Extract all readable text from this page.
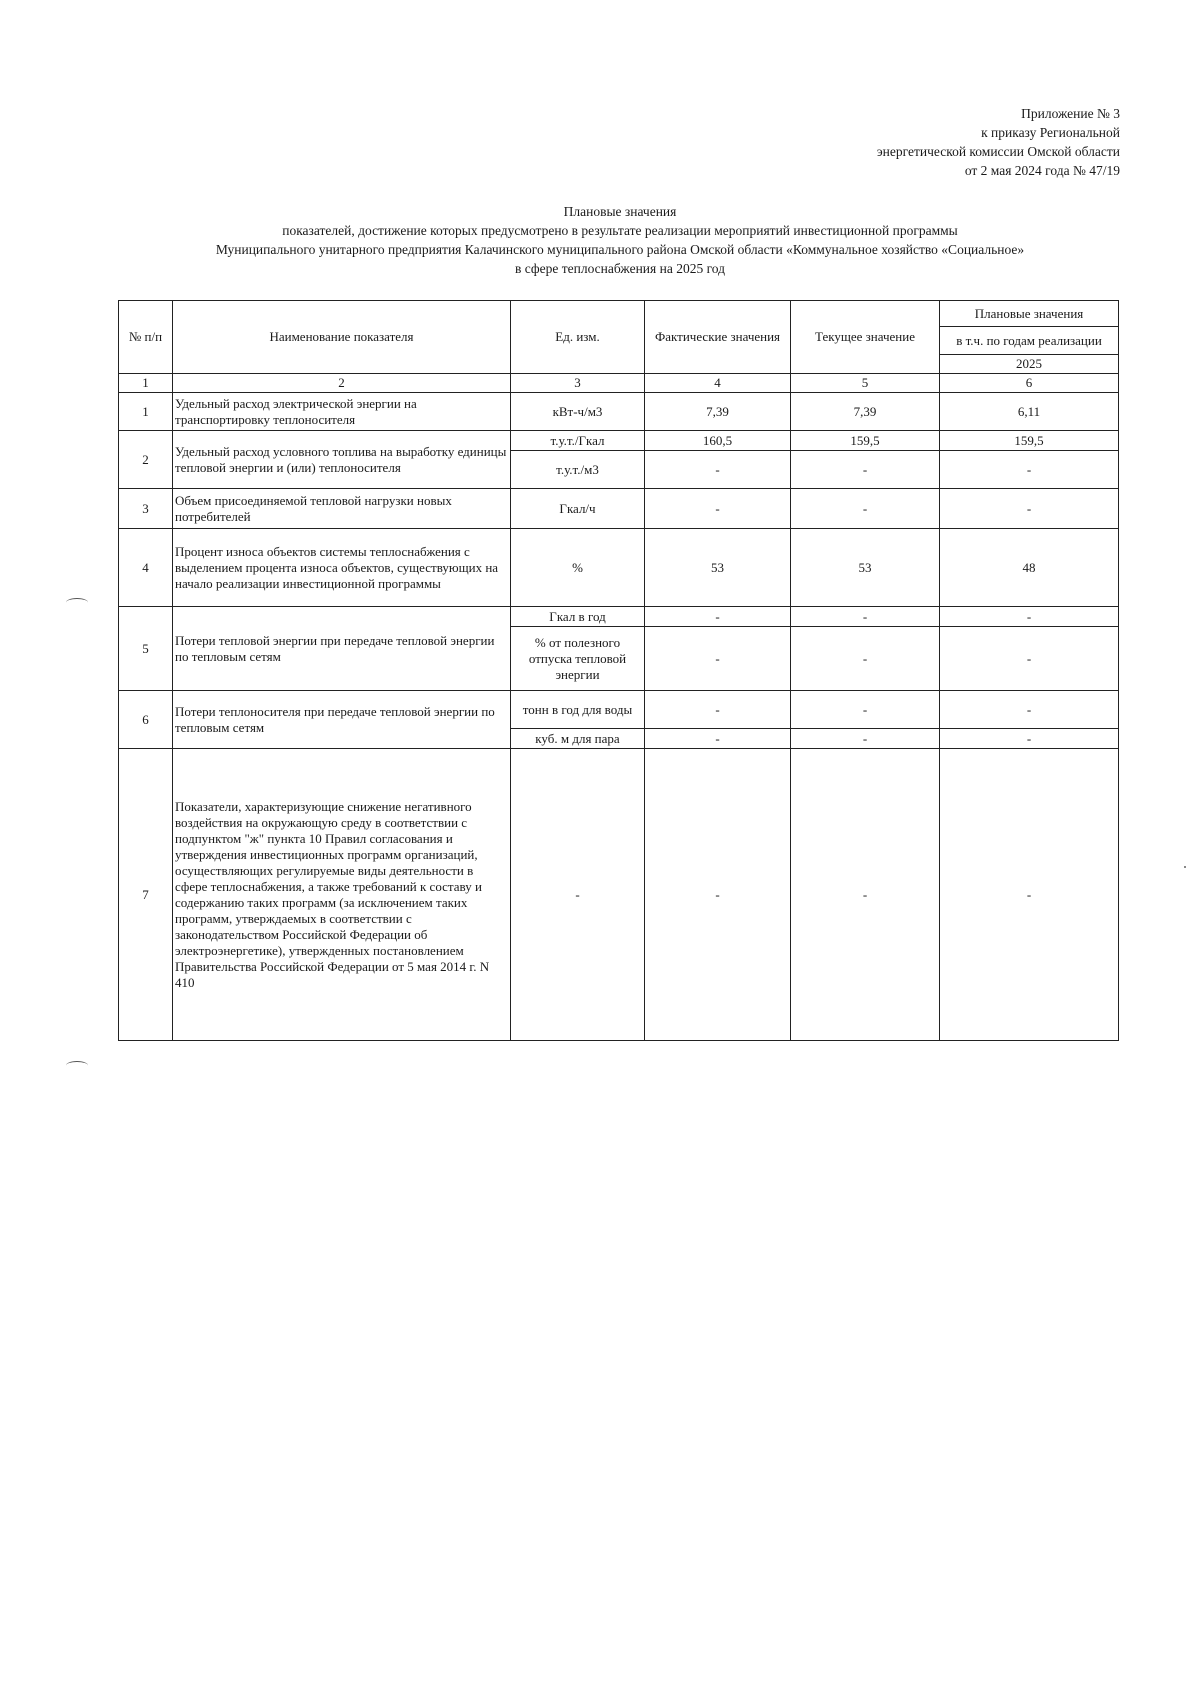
Приложение № 3
к приказу Региональной
энергетической комиссии Омской области
от 2 мая 2024 года № 47/19
Плановые значения
показателей, достижение которых предусмотрено в результате реализации мероприятий инвестиционной программы
Муниципального унитарного предприятия Калачинского муниципального района Омской области «Коммунальное хозяйство «Социальное»
в сфере теплоснабжения на 2025 год
№ п/п	Наименование показателя	Ед. изм.	Фактические значения	Текущее значение	Плановые значения
					в т.ч. по годам реализации
					2025
1	2	3	4	5	6
1	Удельный расход электрической энергии на транспортировку теплоносителя	кВт-ч/м3	7,39	7,39	6,11
2	Удельный расход условного топлива на выработку единицы тепловой энергии и (или) теплоносителя	т.у.т./Гкал	160,5	159,5	159,5
		т.у.т./м3	-	-	-
3	Объем присоединяемой тепловой нагрузки новых потребителей	Гкал/ч	-	-	-
4	Процент износа объектов системы теплоснабжения с выделением процента износа объектов, существующих на начало реализации инвестиционной программы	%	53	53	48
5	Потери тепловой энергии при передаче тепловой энергии по тепловым сетям	Гкал в год	-	-	-
		% от полезного отпуска тепловой энергии	-	-	-
6	Потери теплоносителя при передаче тепловой энергии по тепловым сетям	тонн в год для воды	-	-	-
		куб. м для пара	-	-	-
7	Показатели, характеризующие снижение негативного воздействия на окружающую среду в соответствии с подпунктом "ж" пункта 10 Правил согласования и утверждения инвестиционных программ организаций, осуществляющих регулируемые виды деятельности в сфере теплоснабжения, а также требований к составу и содержанию таких программ (за исключением таких программ, утверждаемых в соответствии с законодательством Российской Федерации об электроэнергетике), утвержденных постановлением Правительства Российской Федерации от 5 мая 2014 г. N 410	-	-	-	-
